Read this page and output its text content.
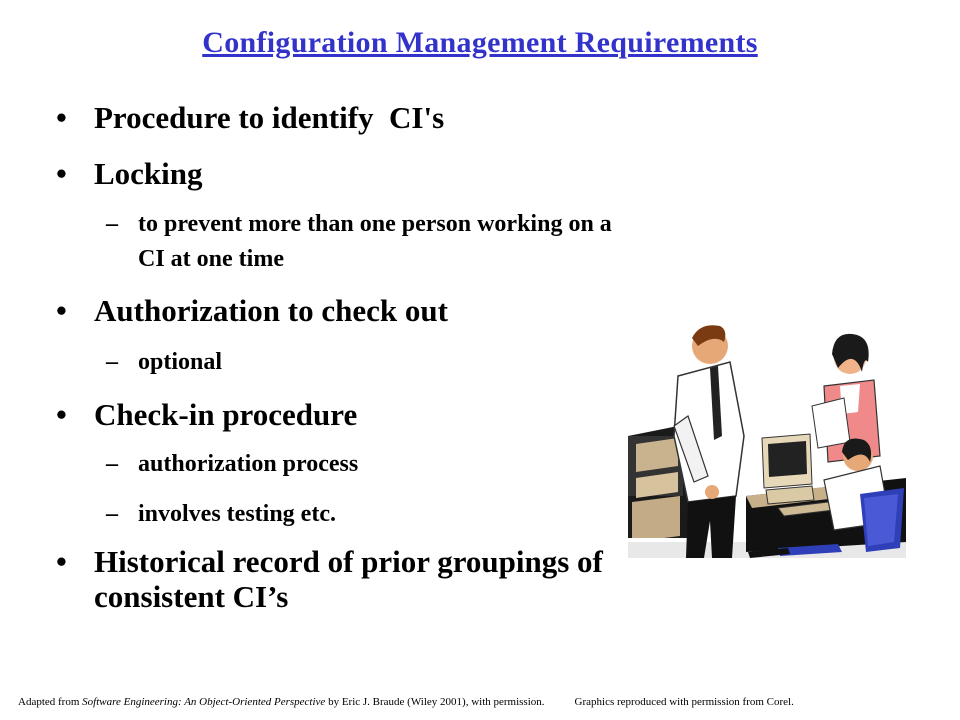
Configuration Management Requirements
• Procedure to identify  CI's
• Locking
– to prevent more than one person working on a
CI at one time
• Authorization to check out
– optional
• Check-in procedure
– authorization process
– involves testing etc.
• Historical record of prior groupings of
consistent CI’s
Adapted from Software Engineering: An Object-Oriented Perspective by Eric J. Braude (Wiley 2001), with permission.	Graphics reproduced with permission from Corel.
